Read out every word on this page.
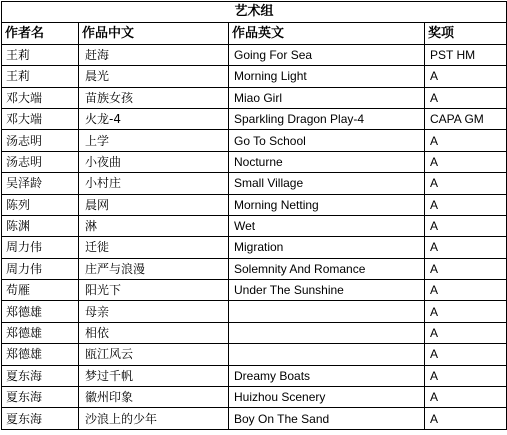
艺术组			
作者名	作品中文	作品英文	奖项
王莉	赶海	Going For Sea	PST HM
王莉	晨光	Morning Light	A
邓大端	苗族女孩	Miao Girl	A
邓大端	火龙-4	Sparkling Dragon Play-4	CAPA GM
汤志明	上学	Go To School	A
汤志明	小夜曲	Nocturne	A
吴泽龄	小村庄	Small Village	A
陈列	晨网	Morning Netting	A
陈渊	淋	Wet	A
周力伟	迁徙	Migration	A
周力伟	庄严与浪漫	Solemnity And Romance	A
苟雁	阳光下	Under The Sunshine	A
郑德雄	母亲		A
郑德雄	相依		A
郑德雄	瓯江风云		A
夏东海	梦过千帆	Dreamy Boats	A
夏东海	徽州印象	Huizhou Scenery	A
夏东海	沙浪上的少年	Boy On The Sand	A
